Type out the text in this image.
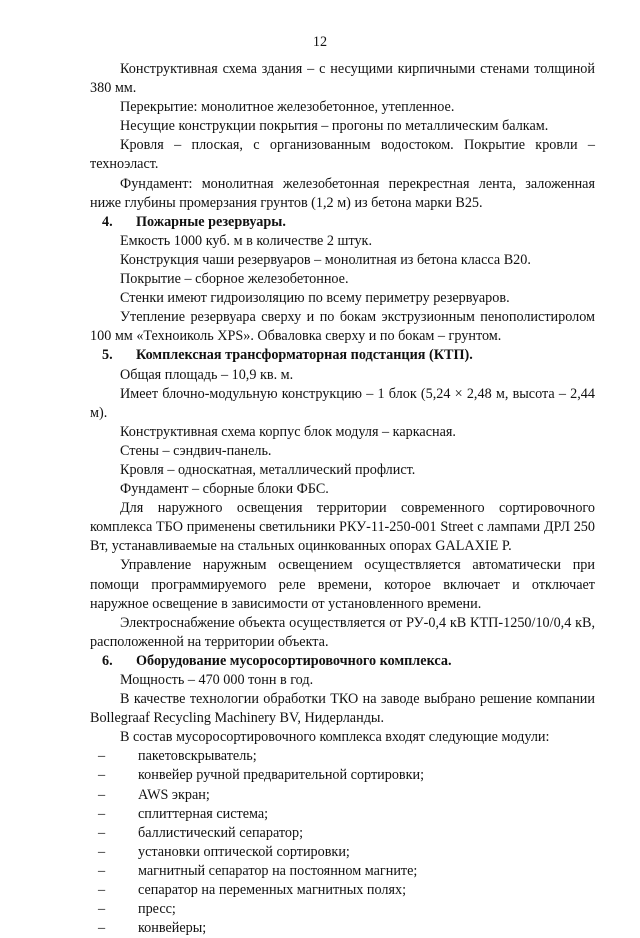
12

Конструктивная схема здания – с несущими кирпичными стенами толщиной 380 мм.

Перекрытие: монолитное железобетонное, утепленное.

Несущие конструкции покрытия – прогоны по металлическим балкам.

Кровля – плоская, с организованным водостоком. Покрытие кровли – техноэласт.

Фундамент: монолитная железобетонная перекрестная лента, заложенная ниже глубины промерзания грунтов (1,2 м) из бетона марки В25.

4.	Пожарные резервуары.

Емкость 1000 куб. м в количестве 2 штук.

Конструкция чаши резервуаров – монолитная из бетона класса В20.

Покрытие – сборное железобетонное.

Стенки имеют гидроизоляцию по всему периметру резервуаров.

Утепление резервуара сверху и по бокам экструзионным пенополистиролом 100 мм «Техноиколь XPS». Обваловка сверху и по бокам – грунтом.

5.	Комплексная трансформаторная подстанция (КТП).

Общая площадь – 10,9 кв. м.

Имеет блочно-модульную конструкцию – 1 блок (5,24 × 2,48 м, высота – 2,44 м).

Конструктивная схема корпус блок модуля – каркасная.

Стены – сэндвич-панель.

Кровля – односкатная, металлический профлист.

Фундамент – сборные блоки ФБС.

Для наружного освещения территории современного сортировочного комплекса ТБО применены светильники РКУ-11-250-001 Street с лампами ДРЛ 250 Вт, устанавливаемые на стальных оцинкованных опорах GALAXIE P.

Управление наружным освещением осуществляется автоматически при помощи программируемого реле времени, которое включает и отключает наружное освещение в зависимости от установленного времени.

Электроснабжение объекта осуществляется от РУ-0,4 кВ КТП-1250/10/0,4 кВ, расположенной на территории объекта.

6.	Оборудование мусоросортировочного комплекса.

Мощность – 470 000 тонн в год.

В качестве технологии обработки ТКО на заводе выбрано решение компании Bollegraaf Recycling Machinery BV, Нидерланды.

В состав мусоросортировочного комплекса входят следующие модули:

–	пакетовскрыватель;
–	конвейер ручной предварительной сортировки;
–	AWS экран;
–	сплиттерная система;
–	баллистический сепаратор;
–	установки оптической сортировки;
–	магнитный сепаратор на постоянном магните;
–	сепаратор на переменных магнитных полях;
–	пресс;
–	конвейеры;
